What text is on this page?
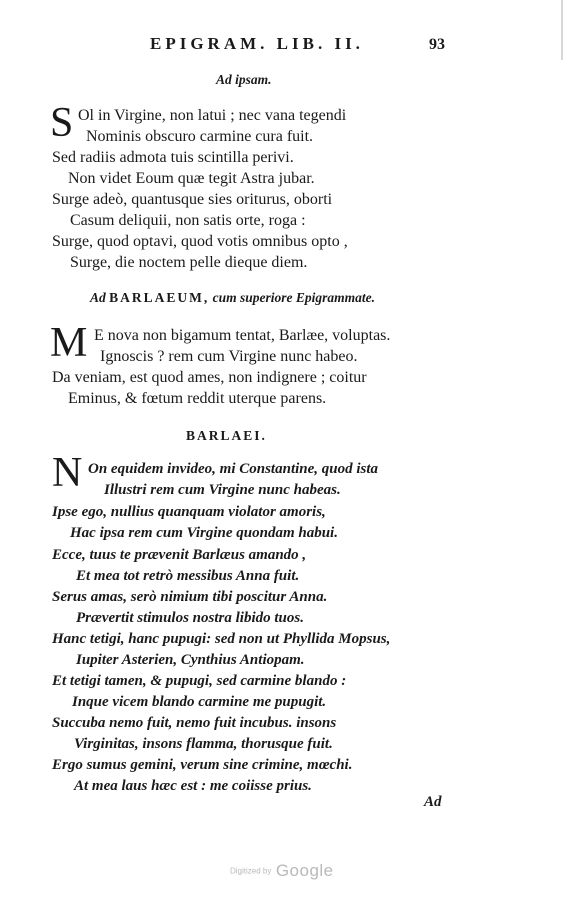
EPIGRAM. LIB. II.	93
Ad ipsam.
S Ol in Virgine, non latui ; nec vana tegendi
Nominis obscuro carmine cura fuit.
Sed radiis admota tuis scintilla perivi.
Non videt Eoum quæ tegit Astra jubar.
Surge adeò, quantusque sies oriturus, oborti
Casum deliquii, non satis orte, roga :
Surge, quod optavi, quod votis omnibus opto ,
Surge, die noctem pelle dieque diem.
Ad BARLAEUM, cum superiore Epigrammate.
M E nova non bigamum tentat, Barlæe, voluptas.
Ignoscis ? rem cum Virgine nunc habeo.
Da veniam, est quod ames, non indignere ; coitur
Eminus, & fœtum reddit uterque parens.
BARLAEI.
N On equidem invideo, mi Constantine, quod ista
Illustri rem cum Virgine nunc habeas.
Ipse ego, nullius quanquam violator amoris,
Hac ipsa rem cum Virgine quondam habui.
Ecce, tuus te prævenit Barlæus amando ,
Et mea tot retrò messibus Anna fuit.
Serus amas, serò nimium tibi poscitur Anna.
Prævertit stimulos nostra libido tuos.
Hanc tetigi, hanc pupugi: sed non ut Phyllida Mopsus,
Iupiter Asterien, Cynthius Antiopam.
Et tetigi tamen, & pupugi, sed carmine blando :
Inque vicem blando carmine me pupugit.
Succuba nemo fuit, nemo fuit incubus. insons
Virginitas, insons flamma, thorusque fuit.
Ergo sumus gemini, verum sine crimine, mœchi.
At mea laus hæc est : me coiisse prius.
Ad
Digitized by Google
